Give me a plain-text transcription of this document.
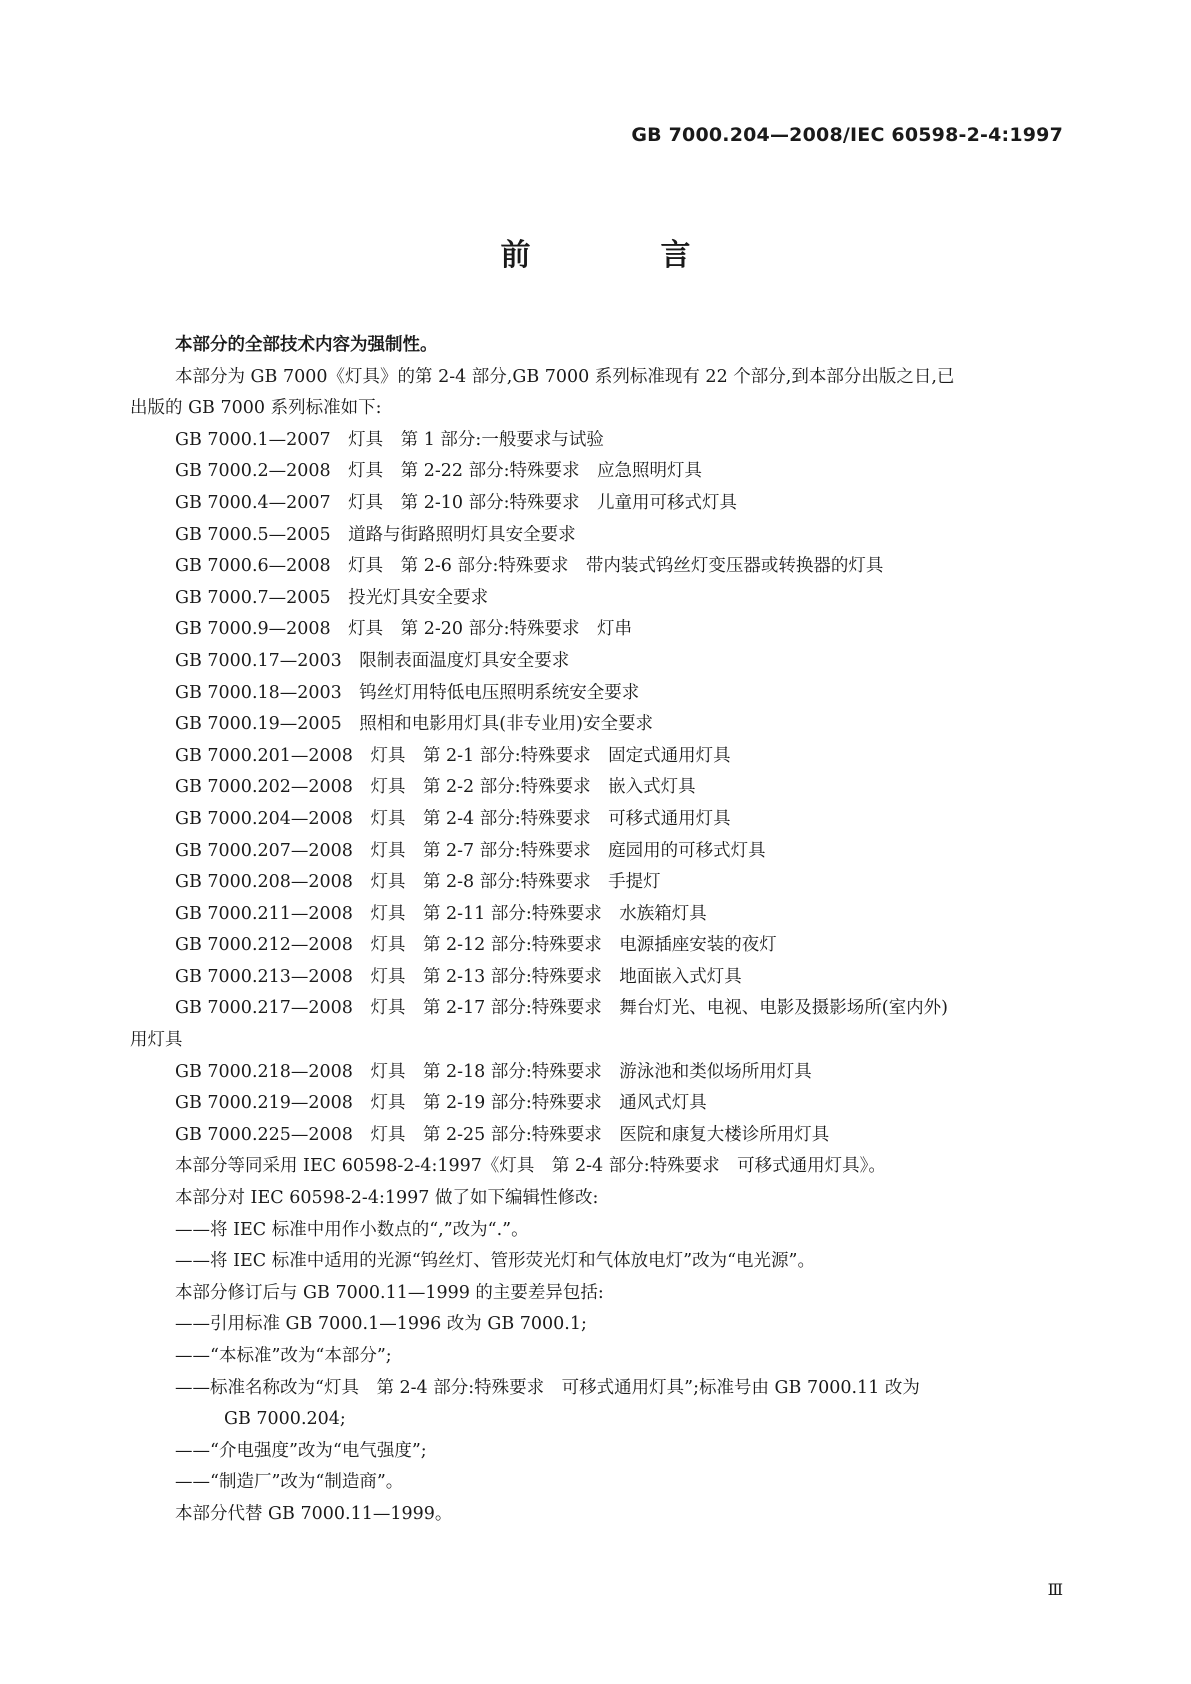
GB 7000.204—2008/IEC 60598-2-4:1997
前　言
本部分的全部技术内容为强制性。
本部分为 GB 7000《灯具》的第 2-4 部分,GB 7000 系列标准现有 22 个部分,到本部分出版之日,已
出版的 GB 7000 系列标准如下:
GB 7000.1—2007　灯具　第 1 部分:一般要求与试验
GB 7000.2—2008　灯具　第 2-22 部分:特殊要求　应急照明灯具
GB 7000.4—2007　灯具　第 2-10 部分:特殊要求　儿童用可移式灯具
GB 7000.5—2005　道路与街路照明灯具安全要求
GB 7000.6—2008　灯具　第 2-6 部分:特殊要求　带内装式钨丝灯变压器或转换器的灯具
GB 7000.7—2005　投光灯具安全要求
GB 7000.9—2008　灯具　第 2-20 部分:特殊要求　灯串
GB 7000.17—2003　限制表面温度灯具安全要求
GB 7000.18—2003　钨丝灯用特低电压照明系统安全要求
GB 7000.19—2005　照相和电影用灯具(非专业用)安全要求
GB 7000.201—2008　灯具　第 2-1 部分:特殊要求　固定式通用灯具
GB 7000.202—2008　灯具　第 2-2 部分:特殊要求　嵌入式灯具
GB 7000.204—2008　灯具　第 2-4 部分:特殊要求　可移式通用灯具
GB 7000.207—2008　灯具　第 2-7 部分:特殊要求　庭园用的可移式灯具
GB 7000.208—2008　灯具　第 2-8 部分:特殊要求　手提灯
GB 7000.211—2008　灯具　第 2-11 部分:特殊要求　水族箱灯具
GB 7000.212—2008　灯具　第 2-12 部分:特殊要求　电源插座安装的夜灯
GB 7000.213—2008　灯具　第 2-13 部分:特殊要求　地面嵌入式灯具
GB 7000.217—2008　灯具　第 2-17 部分:特殊要求　舞台灯光、电视、电影及摄影场所(室内外)
用灯具
GB 7000.218—2008　灯具　第 2-18 部分:特殊要求　游泳池和类似场所用灯具
GB 7000.219—2008　灯具　第 2-19 部分:特殊要求　通风式灯具
GB 7000.225—2008　灯具　第 2-25 部分:特殊要求　医院和康复大楼诊所用灯具
本部分等同采用 IEC 60598-2-4:1997《灯具　第 2-4 部分:特殊要求　可移式通用灯具》。
本部分对 IEC 60598-2-4:1997 做了如下编辑性修改:
——将 IEC 标准中用作小数点的“,”改为“.”。
——将 IEC 标准中适用的光源“钨丝灯、管形荧光灯和气体放电灯”改为“电光源”。
本部分修订后与 GB 7000.11—1999 的主要差异包括:
——引用标准 GB 7000.1—1996 改为 GB 7000.1;
——“本标准”改为“本部分”;
——标准名称改为“灯具　第 2-4 部分:特殊要求　可移式通用灯具”;标准号由 GB 7000.11 改为
GB 7000.204;
——“介电强度”改为“电气强度”;
——“制造厂”改为“制造商”。
本部分代替 GB 7000.11—1999。
Ⅲ
